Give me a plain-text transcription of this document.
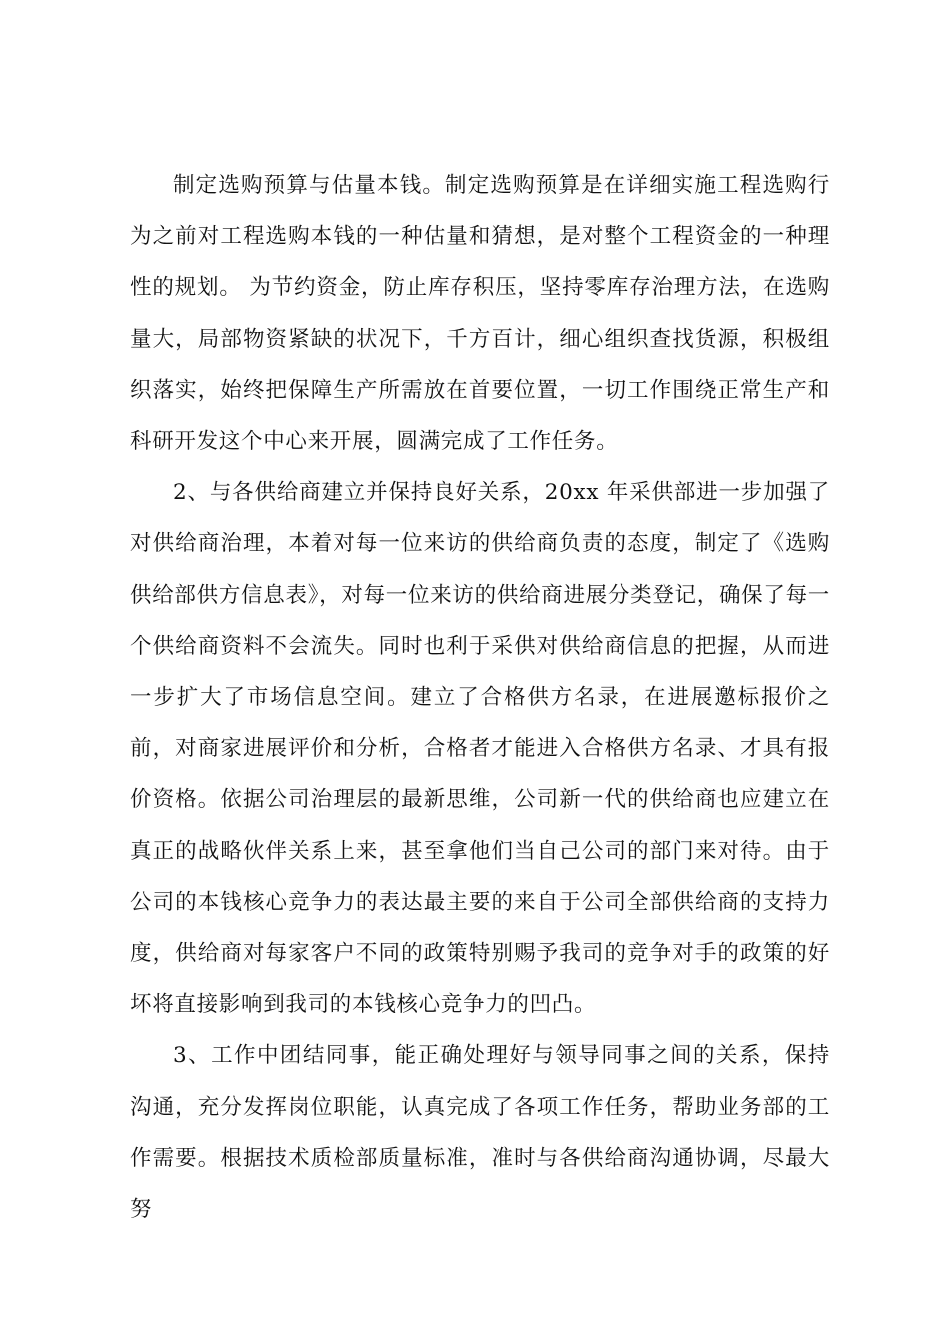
制定选购预算与估量本钱。制定选购预算是在详细实施工程选购行为之前对工程选购本钱的一种估量和猜想，是对整个工程资金的一种理性的规划。 为节约资金，防止库存积压，坚持零库存治理方法，在选购量大，局部物资紧缺的状况下，千方百计，细心组织查找货源，积极组织落实，始终把保障生产所需放在首要位置，一切工作围绕正常生产和科研开发这个中心来开展，圆满完成了工作任务。

2、与各供给商建立并保持良好关系，20xx 年采供部进一步加强了对供给商治理，本着对每一位来访的供给商负责的态度，制定了《选购供给部供方信息表》，对每一位来访的供给商进展分类登记，确保了每一个供给商资料不会流失。同时也利于采供对供给商信息的把握，从而进一步扩大了市场信息空间。建立了合格供方名录，在进展邀标报价之前，对商家进展评价和分析，合格者才能进入合格供方名录、才具有报价资格。依据公司治理层的最新思维，公司新一代的供给商也应建立在真正的战略伙伴关系上来，甚至拿他们当自己公司的部门来对待。由于公司的本钱核心竞争力的表达最主要的来自于公司全部供给商的支持力度，供给商对每家客户不同的政策特别赐予我司的竞争对手的政策的好坏将直接影响到我司的本钱核心竞争力的凹凸。

3、工作中团结同事，能正确处理好与领导同事之间的关系，保持沟通，充分发挥岗位职能，认真完成了各项工作任务，帮助业务部的工作需要。根据技术质检部质量标准，准时与各供给商沟通协调，尽最大努
